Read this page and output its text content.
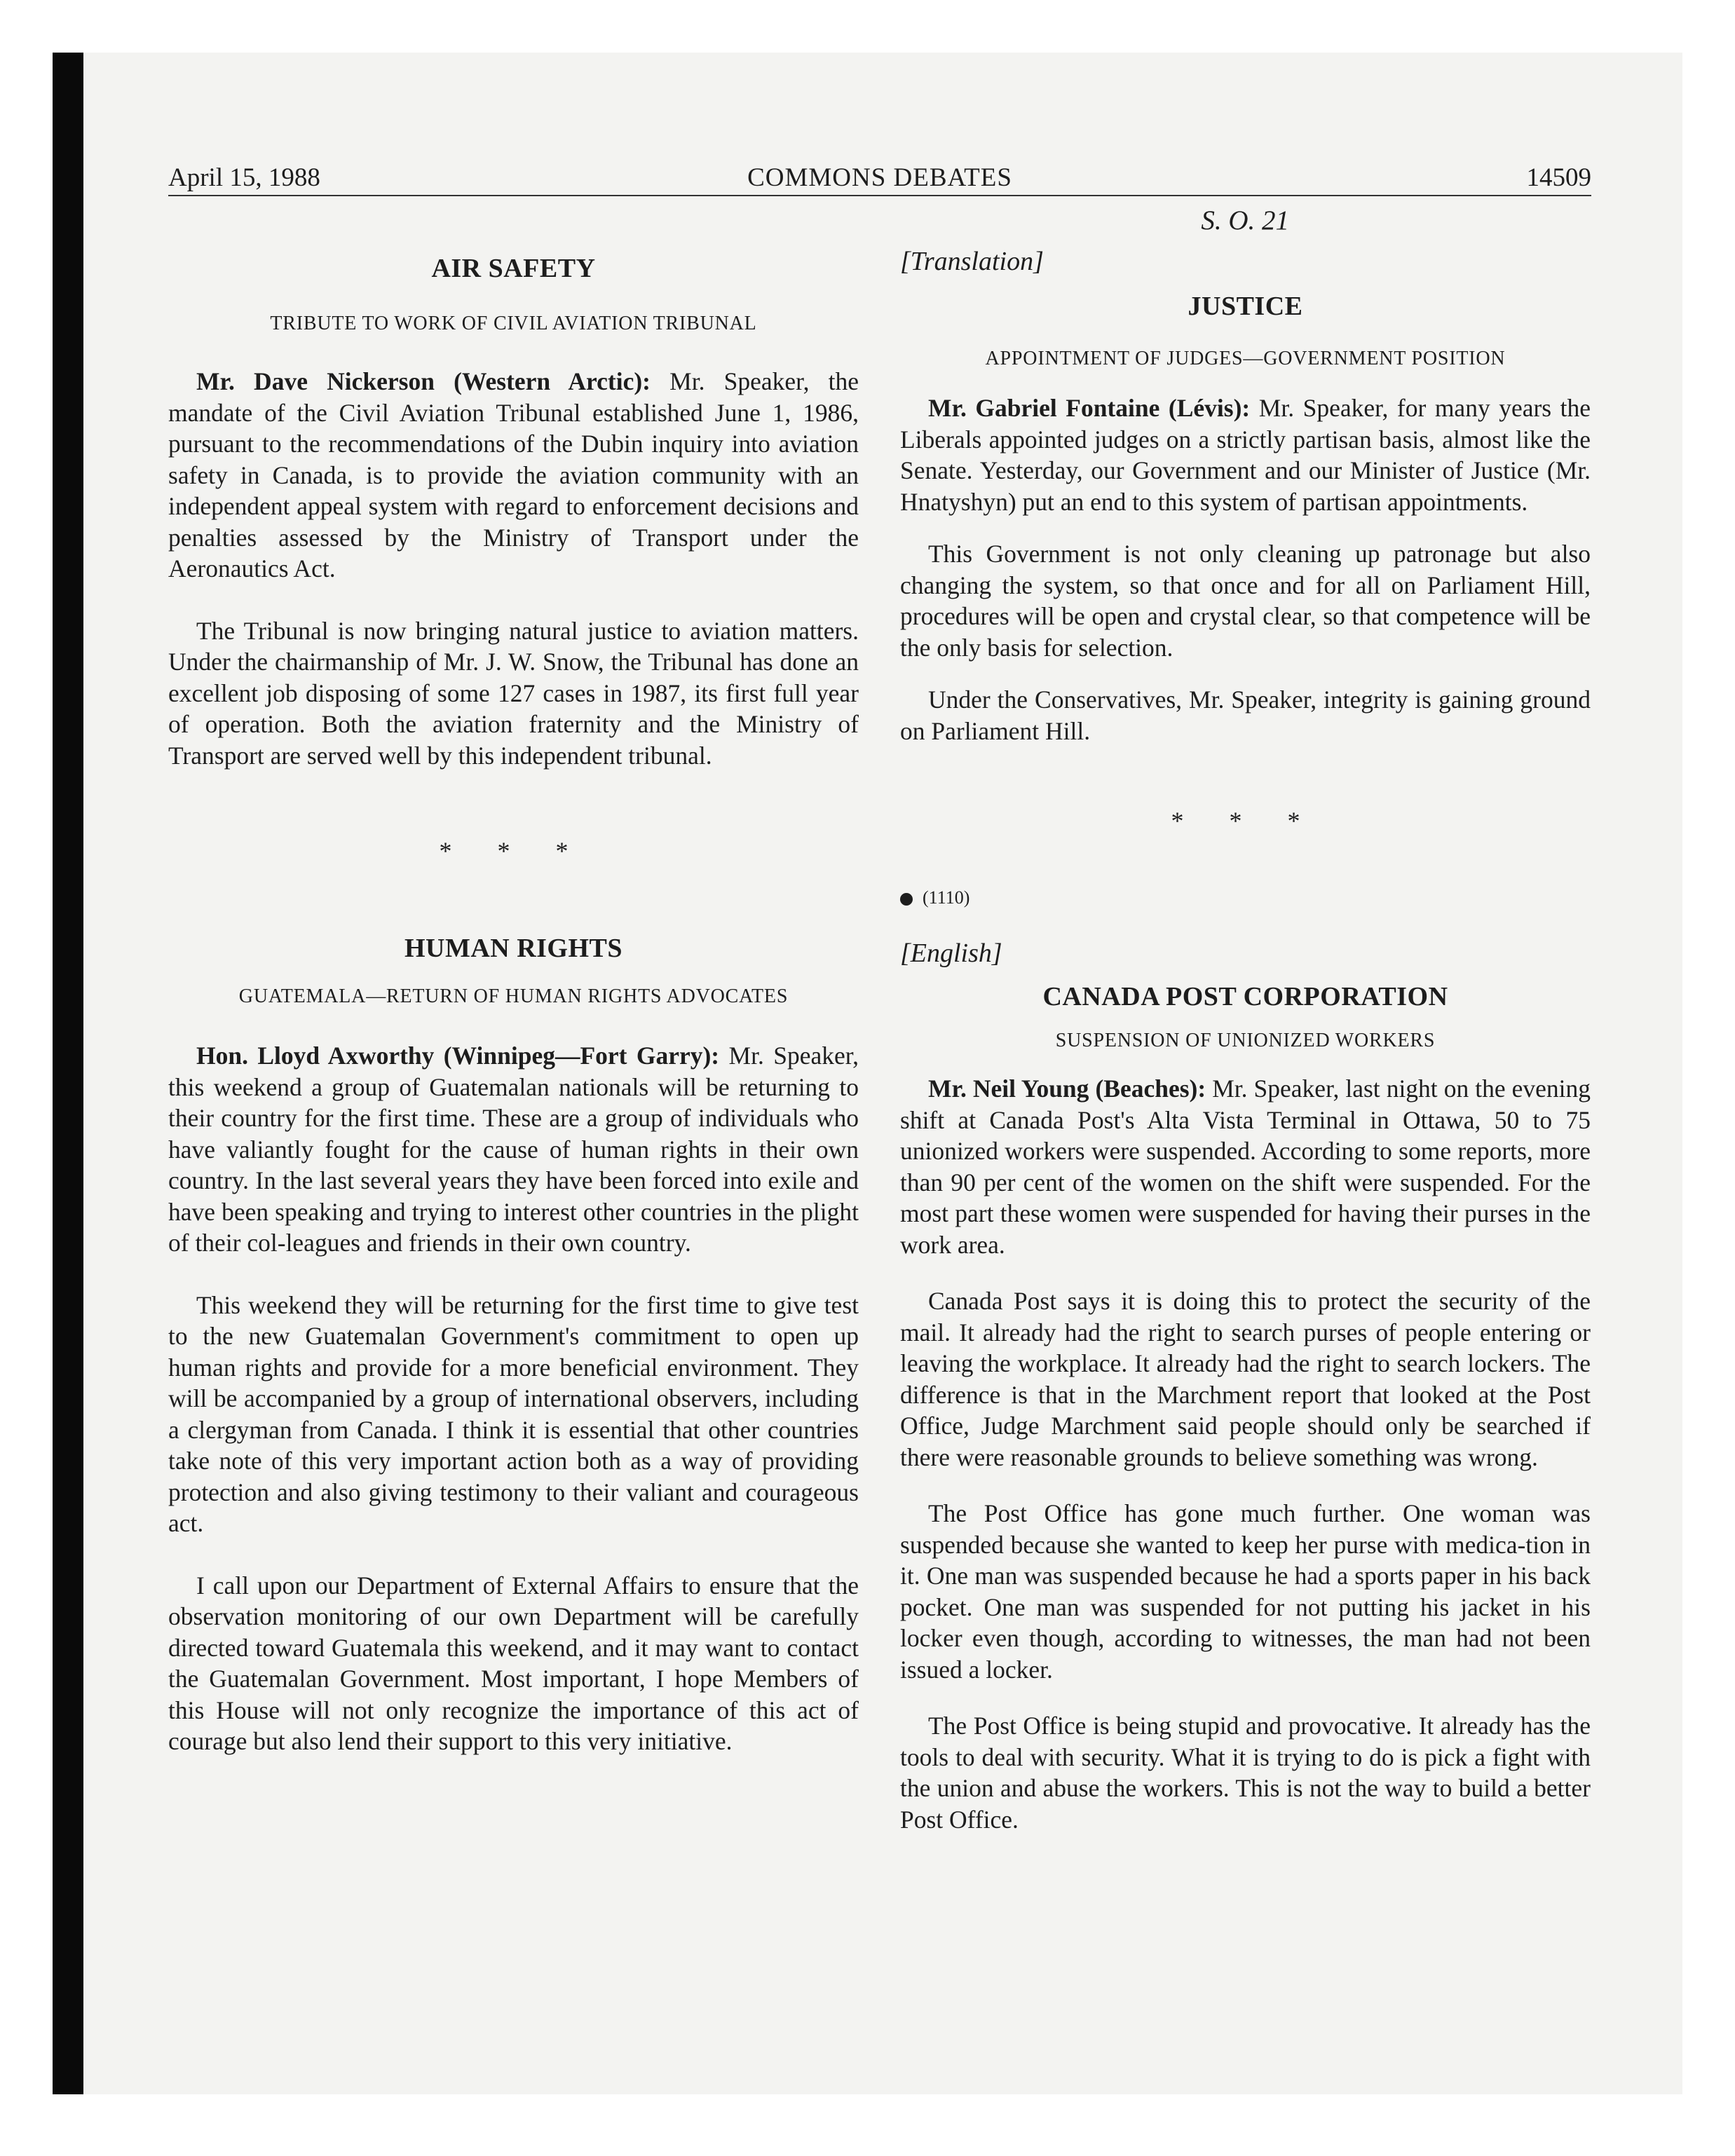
April 15, 1988	COMMONS DEBATES	14509
AIR SAFETY
TRIBUTE TO WORK OF CIVIL AVIATION TRIBUNAL

Mr. Dave Nickerson (Western Arctic): Mr. Speaker, the mandate of the Civil Aviation Tribunal established June 1, 1986, pursuant to the recommendations of the Dubin inquiry into aviation safety in Canada, is to provide the aviation community with an independent appeal system with regard to enforcement decisions and penalties assessed by the Ministry of Transport under the Aeronautics Act.

The Tribunal is now bringing natural justice to aviation matters. Under the chairmanship of Mr. J. W. Snow, the Tribunal has done an excellent job disposing of some 127 cases in 1987, its first full year of operation. Both the aviation fraternity and the Ministry of Transport are served well by this independent tribunal.

* * *
HUMAN RIGHTS
GUATEMALA—RETURN OF HUMAN RIGHTS ADVOCATES

Hon. Lloyd Axworthy (Winnipeg—Fort Garry): Mr. Speaker, this weekend a group of Guatemalan nationals will be returning to their country for the first time. These are a group of individuals who have valiantly fought for the cause of human rights in their own country. In the last several years they have been forced into exile and have been speaking and trying to interest other countries in the plight of their col-leagues and friends in their own country.

This weekend they will be returning for the first time to give test to the new Guatemalan Government's commitment to open up human rights and provide for a more beneficial environment. They will be accompanied by a group of international observers, including a clergyman from Canada. I think it is essential that other countries take note of this very important action both as a way of providing protection and also giving testimony to their valiant and courageous act.

I call upon our Department of External Affairs to ensure that the observation monitoring of our own Department will be carefully directed toward Guatemala this weekend, and it may want to contact the Guatemalan Government. Most important, I hope Members of this House will not only recognize the importance of this act of courage but also lend their support to this very initiative.

S. O. 21
[Translation]
JUSTICE
APPOINTMENT OF JUDGES—GOVERNMENT POSITION

Mr. Gabriel Fontaine (Lévis): Mr. Speaker, for many years the Liberals appointed judges on a strictly partisan basis, almost like the Senate. Yesterday, our Government and our Minister of Justice (Mr. Hnatyshyn) put an end to this system of partisan appointments.

This Government is not only cleaning up patronage but also changing the system, so that once and for all on Parliament Hill, procedures will be open and crystal clear, so that competence will be the only basis for selection.

Under the Conservatives, Mr. Speaker, integrity is gaining ground on Parliament Hill.

* * *
(1110)
[English]
CANADA POST CORPORATION
SUSPENSION OF UNIONIZED WORKERS

Mr. Neil Young (Beaches): Mr. Speaker, last night on the evening shift at Canada Post's Alta Vista Terminal in Ottawa, 50 to 75 unionized workers were suspended. According to some reports, more than 90 per cent of the women on the shift were suspended. For the most part these women were suspended for having their purses in the work area.

Canada Post says it is doing this to protect the security of the mail. It already had the right to search purses of people entering or leaving the workplace. It already had the right to search lockers. The difference is that in the Marchment report that looked at the Post Office, Judge Marchment said people should only be searched if there were reasonable grounds to believe something was wrong.

The Post Office has gone much further. One woman was suspended because she wanted to keep her purse with medica-tion in it. One man was suspended because he had a sports paper in his back pocket. One man was suspended for not putting his jacket in his locker even though, according to witnesses, the man had not been issued a locker.

The Post Office is being stupid and provocative. It already has the tools to deal with security. What it is trying to do is pick a fight with the union and abuse the workers. This is not the way to build a better Post Office.
